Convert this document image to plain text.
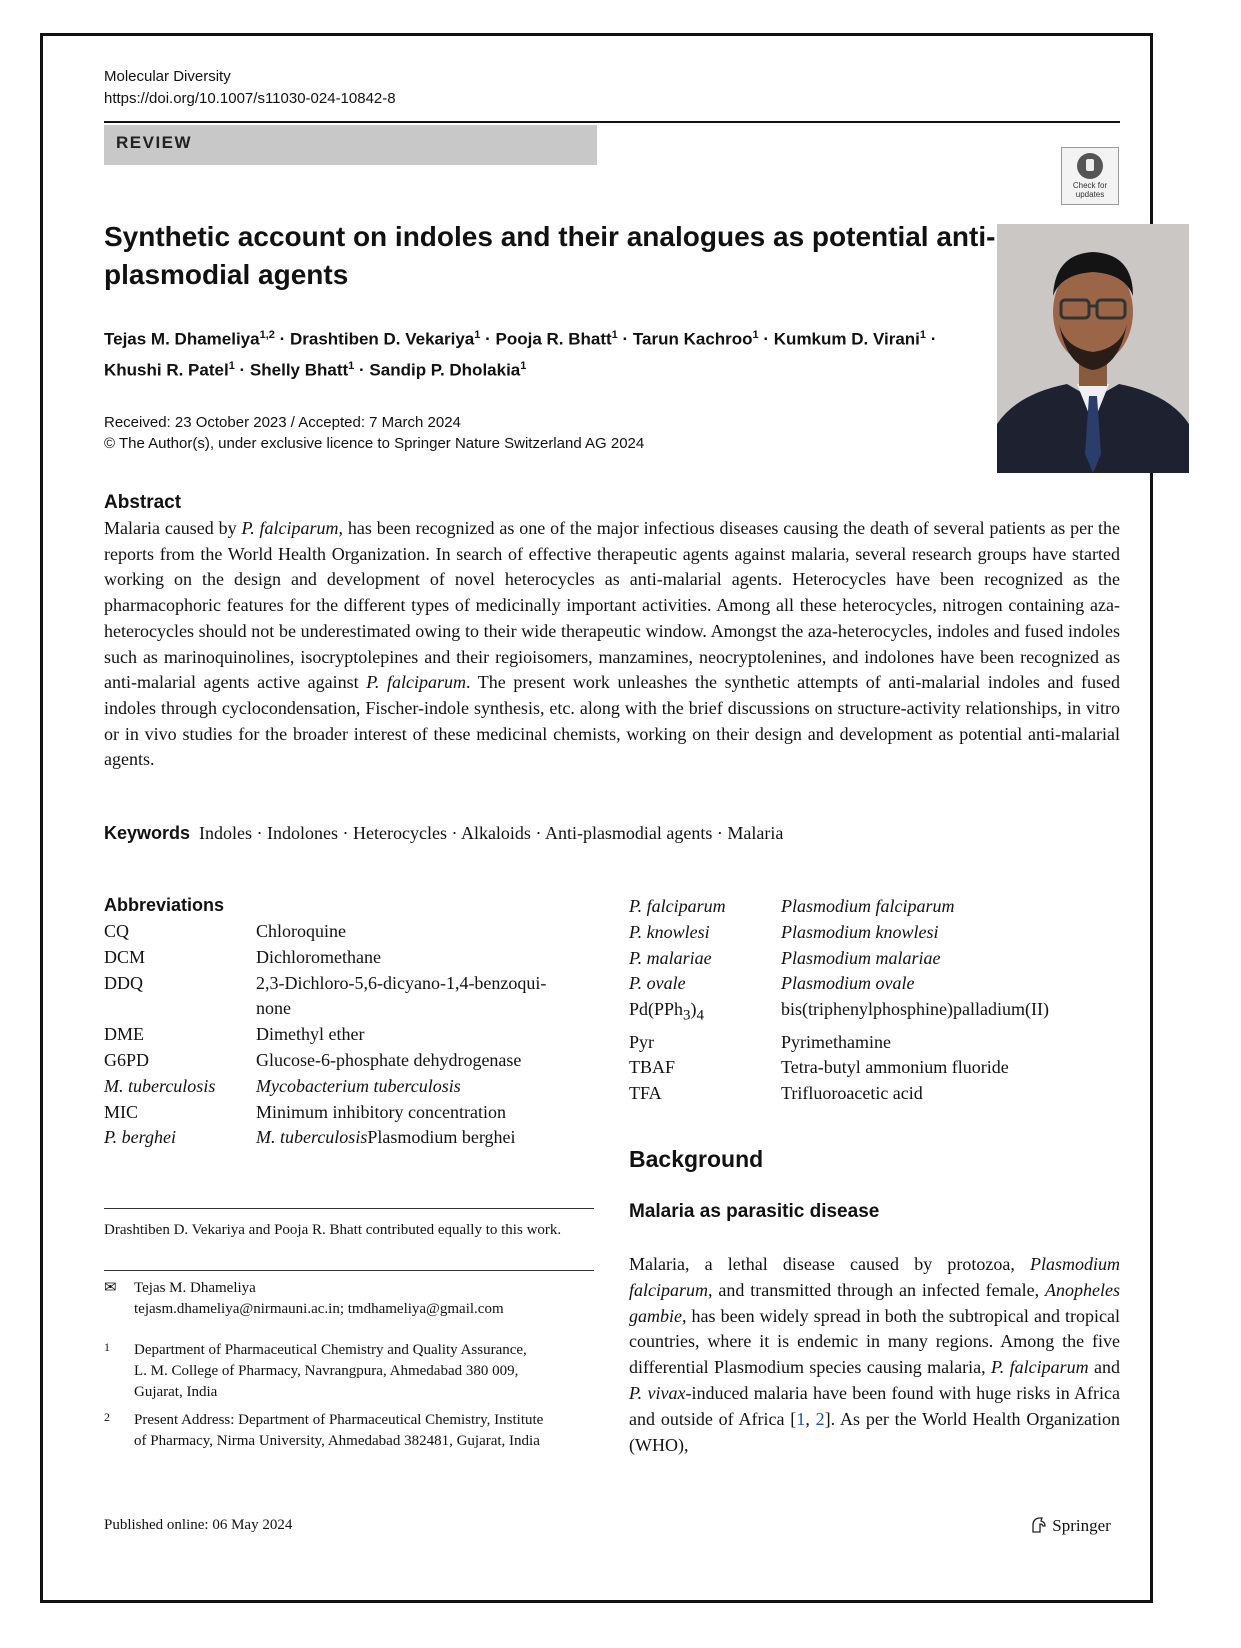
Molecular Diversity
https://doi.org/10.1007/s11030-024-10842-8
REVIEW
Check for
updates
Synthetic account on indoles and their analogues as potential anti-plasmodial agents
Tejas M. Dhameliya$^{1,2}$ · Drashtiben D. Vekariya$^1$ · Pooja R. Bhatt$^1$ · Tarun Kachroo$^1$ · Kumkum D. Virani$^1$ ·
Khushi R. Patel$^1$ · Shelly Bhatt$^1$ · Sandip P. Dholakia$^1$
Received: 23 October 2023 / Accepted: 7 March 2024
© The Author(s), under exclusive licence to Springer Nature Switzerland AG 2024
Abstract
Malaria caused by P. falciparum, has been recognized as one of the major infectious diseases causing the death of several patients as per the reports from the World Health Organization. In search of effective therapeutic agents against malaria, several research groups have started working on the design and development of novel heterocycles as anti-malarial agents. Heterocycles have been recognized as the pharmacophoric features for the different types of medicinally important activities. Among all these heterocycles, nitrogen containing aza-heterocycles should not be underestimated owing to their wide therapeutic window. Amongst the aza-heterocycles, indoles and fused indoles such as marinoquinolines, isocryptolepines and their regioisomers, manzamines, neocryptolenines, and indolones have been recognized as anti-malarial agents active against P. falciparum. The present work unleashes the synthetic attempts of anti-malarial indoles and fused indoles through cyclocondensation, Fischer-indole synthesis, etc. along with the brief discussions on structure-activity relationships, in vitro or in vivo studies for the broader interest of these medicinal chemists, working on their design and development as potential anti-malarial agents.
Keywords Indoles · Indolones · Heterocycles · Alkaloids · Anti-plasmodial agents · Malaria
Abbreviations
CQ	Chloroquine
DCM	Dichloromethane
DDQ	2,3-Dichloro-5,6-dicyano-1,4-benzoqui-
	none
DME	Dimethyl ether
G6PD	Glucose-6-phosphate dehydrogenase
M. tuberculosis	Mycobacterium tuberculosis
MIC	Minimum inhibitory concentration
P. berghei	M. tuberculosisPlasmodium berghei
P. falciparum	Plasmodium falciparum
P. knowlesi	Plasmodium knowlesi
P. malariae	Plasmodium malariae
P. ovale	Plasmodium ovale
$Pd(PPh_3)_4$	bis(triphenylphosphine)palladium(II)
Pyr	Pyrimethamine
TBAF	Tetra-butyl ammonium fluoride
TFA	Trifluoroacetic acid
Drashtiben D. Vekariya and Pooja R. Bhatt contributed equally to this work.
✉ Tejas M. Dhameliya
tejasm.dhameliya@nirmauni.ac.in; tmdhameliya@gmail.com
1 Department of Pharmaceutical Chemistry and Quality Assurance, L. M. College of Pharmacy, Navrangpura, Ahmedabad 380 009, Gujarat, India
2 Present Address: Department of Pharmaceutical Chemistry, Institute of Pharmacy, Nirma University, Ahmedabad 382481, Gujarat, India
Background
Malaria as parasitic disease
Malaria, a lethal disease caused by protozoa, Plasmodium falciparum, and transmitted through an infected female, Anopheles gambie, has been widely spread in both the subtropical and tropical countries, where it is endemic in many regions. Among the five differential Plasmodium species causing malaria, P. falciparum and P. vivax-induced malaria have been found with huge risks in Africa and outside of Africa [1, 2]. As per the World Health Organization (WHO),
Published online: 06 May 2024	Springer
